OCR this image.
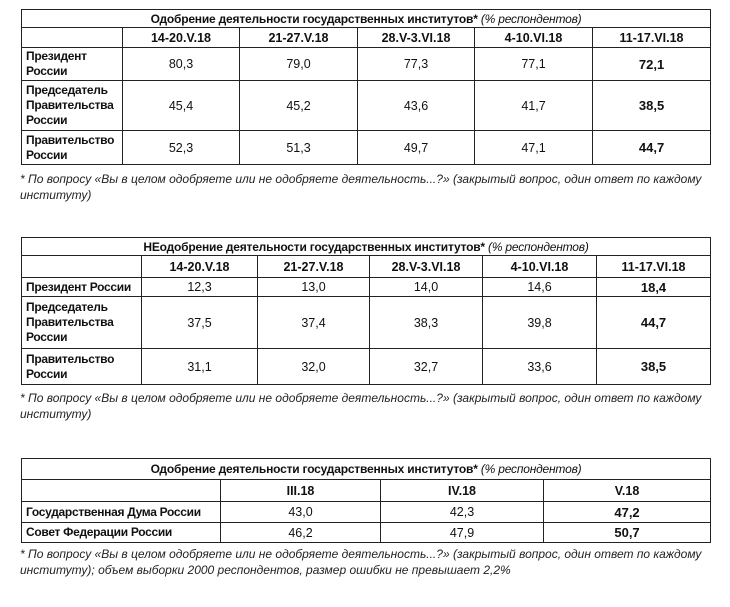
Одобрение деятельности государственных институтов* (% респондентов)					
	14-20.V.18	21-27.V.18	28.V-3.VI.18	4-10.VI.18	11-17.VI.18
Президент России	80,3	79,0	77,3	77,1	72,1
Председатель Правительства России	45,4	45,2	43,6	41,7	38,5
Правительство России	52,3	51,3	49,7	47,1	44,7
* По вопросу «Вы в целом одобряете или не одобряете деятельность...?» (закрытый вопрос, один ответ по каждому институту)
НЕодобрение деятельности государственных институтов* (% респондентов)					
	14-20.V.18	21-27.V.18	28.V-3.VI.18	4-10.VI.18	11-17.VI.18
Президент России	12,3	13,0	14,0	14,6	18,4
Председатель Правительства России	37,5	37,4	38,3	39,8	44,7
Правительство России	31,1	32,0	32,7	33,6	38,5
* По вопросу «Вы в целом одобряете или не одобряете деятельность...?» (закрытый вопрос, один ответ по каждому институту)
Одобрение деятельности государственных институтов* (% респондентов)			
	III.18	IV.18	V.18
Государственная Дума России	43,0	42,3	47,2
Совет Федерации России	46,2	47,9	50,7
* По вопросу «Вы в целом одобряете или не одобряете деятельность...?» (закрытый вопрос, один ответ по каждому институту); объем выборки 2000 респондентов, размер ошибки не превышает 2,2%
